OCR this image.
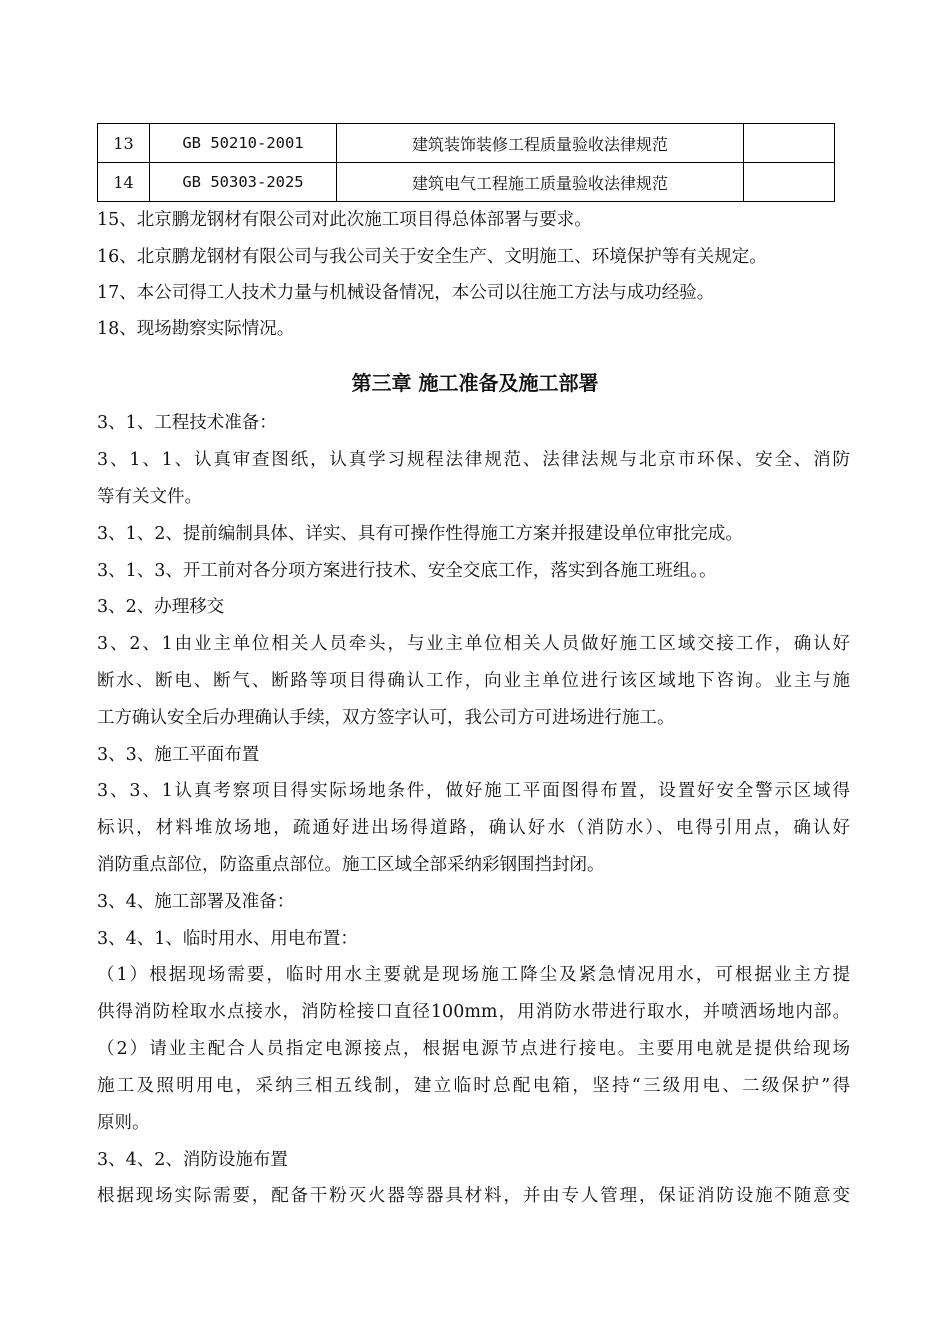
13	GB 50210-2001	建筑装饰装修工程质量验收法律规范	
14	GB 50303-2025	建筑电气工程施工质量验收法律规范	
15、北京鹏龙钢材有限公司对此次施工项目得总体部署与要求。
16、北京鹏龙钢材有限公司与我公司关于安全生产、文明施工、环境保护等有关规定。
17、本公司得工人技术力量与机械设备情况，本公司以往施工方法与成功经验。
18、现场勘察实际情况。
第三章 施工准备及施工部署
3、1、工程技术准备：
3、1、1、认真审查图纸，认真学习规程法律规范、法律法规与北京市环保、安全、消防
等有关文件。
3、1、2、提前编制具体、详实、具有可操作性得施工方案并报建设单位审批完成。
3、1、3、开工前对各分项方案进行技术、安全交底工作，落实到各施工班组。。
3、2、办理移交
3、2、1由业主单位相关人员牵头，与业主单位相关人员做好施工区域交接工作，确认好
断水、断电、断气、断路等项目得确认工作，向业主单位进行该区域地下咨询。业主与施
工方确认安全后办理确认手续，双方签字认可，我公司方可进场进行施工。
3、3、施工平面布置
3、3、1认真考察项目得实际场地条件，做好施工平面图得布置，设置好安全警示区域得
标识，材料堆放场地，疏通好进出场得道路，确认好水（消防水）、电得引用点，确认好
消防重点部位，防盗重点部位。施工区域全部采纳彩钢围挡封闭。
3、4、施工部署及准备：
3、4、1、临时用水、用电布置：
（1）根据现场需要，临时用水主要就是现场施工降尘及紧急情况用水，可根据业主方提
供得消防栓取水点接水，消防栓接口直径100mm，用消防水带进行取水，并喷洒场地内部。
（2）请业主配合人员指定电源接点，根据电源节点进行接电。主要用电就是提供给现场
施工及照明用电，采纳三相五线制，建立临时总配电箱，坚持“三级用电、二级保护”得
原则。
3、4、2、消防设施布置
根据现场实际需要，配备干粉灭火器等器具材料，并由专人管理，保证消防设施不随意变
